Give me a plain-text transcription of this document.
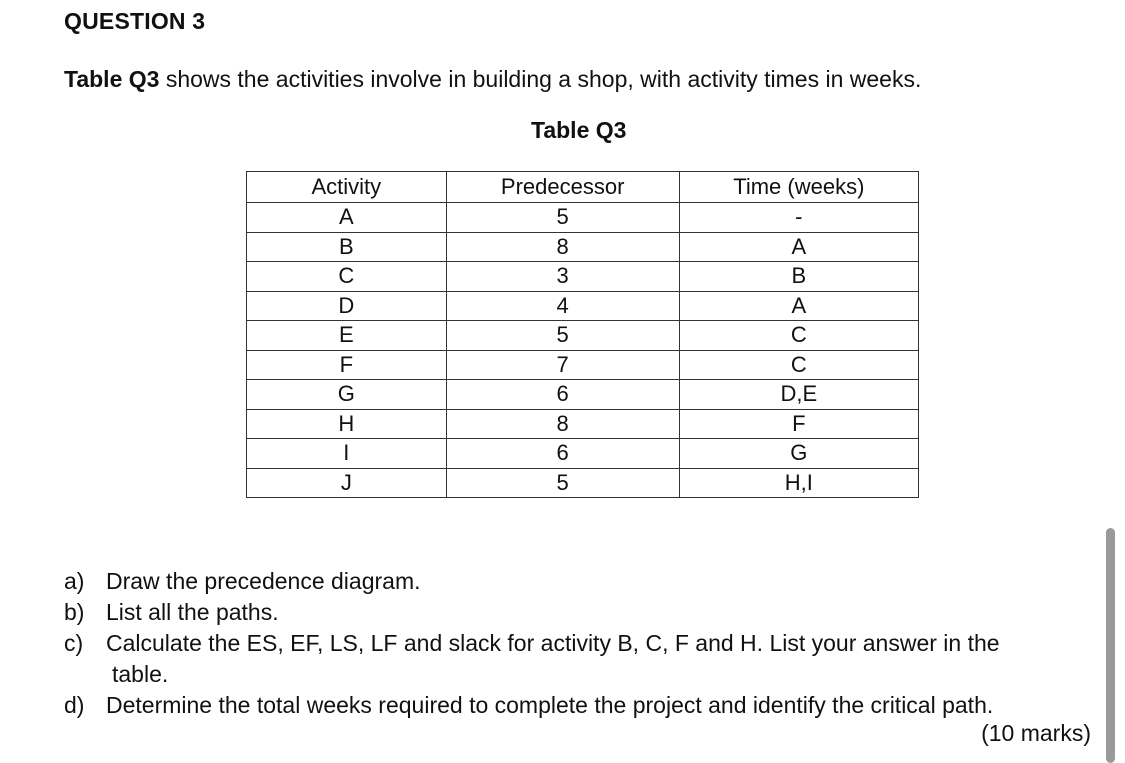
QUESTION 3
Table Q3 shows the activities involve in building a shop, with activity times in weeks.
Table Q3
Activity	Predecessor	Time (weeks)
A	5	-
B	8	A
C	3	B
D	4	A
E	5	C
F	7	C
G	6	D,E
H	8	F
I	6	G
J	5	H,I
a) Draw the precedence diagram.
b) List all the paths.
c) Calculate the ES, EF, LS, LF and slack for activity B, C, F and H. List your answer in the
table.
d) Determine the total weeks required to complete the project and identify the critical path.
(10 marks)
